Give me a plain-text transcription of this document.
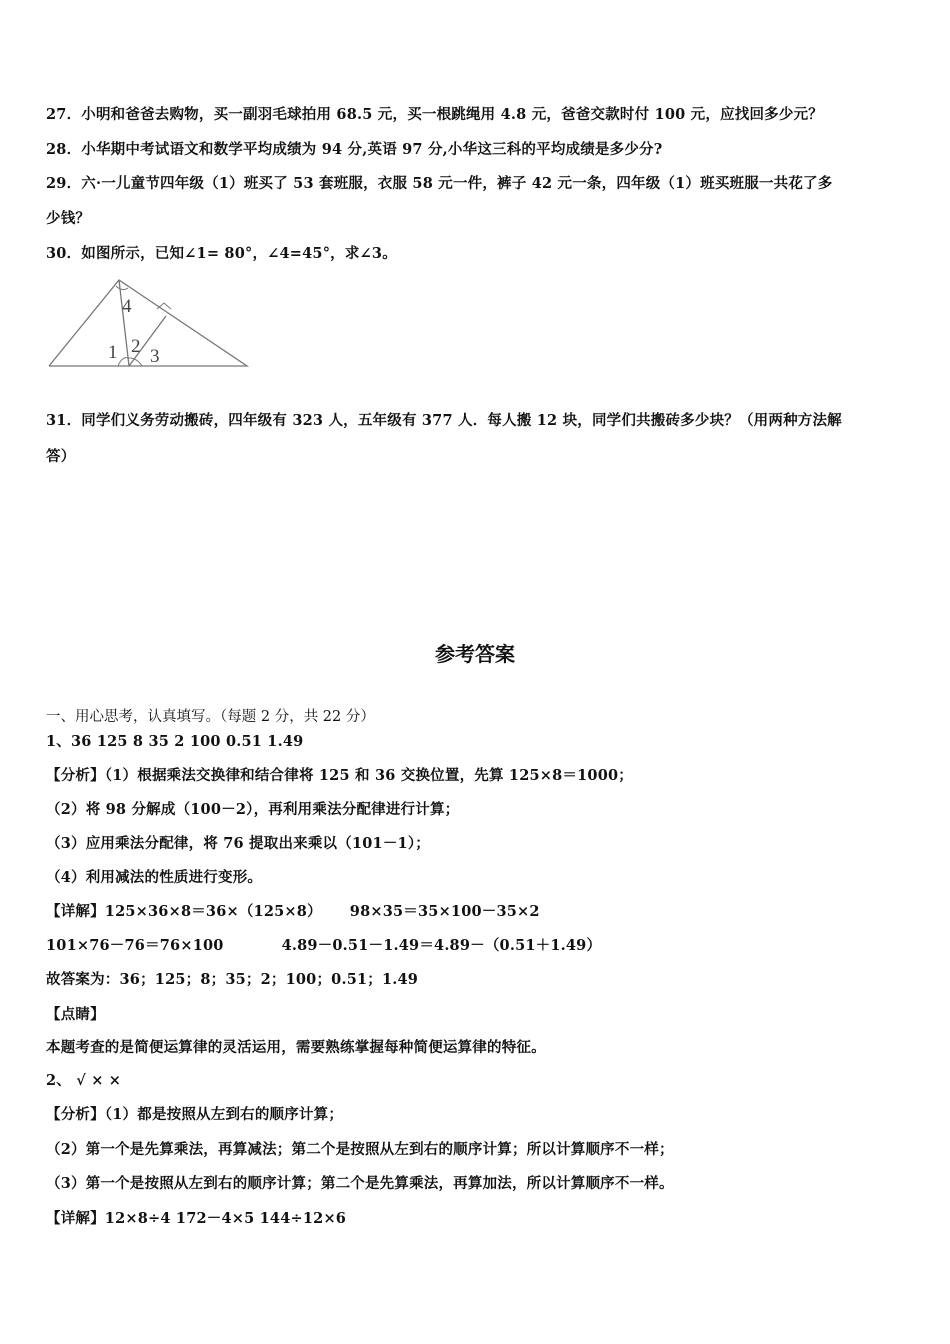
27．小明和爸爸去购物，买一副羽毛球拍用 68.5 元，买一根跳绳用 4.8 元，爸爸交款时付 100 元，应找回多少元？
28．小华期中考试语文和数学平均成绩为 94 分,英语 97 分,小华这三科的平均成绩是多少分?
29．六·一儿童节四年级（1）班买了 53 套班服，衣服 58 元一件，裤子 42 元一条，四年级（1）班买班服一共花了多
少钱？
30．如图所示，已知∠1= 80°，∠4=45°，求∠3。
4
1 2 3
31．同学们义务劳动搬砖，四年级有 323 人，五年级有 377 人．每人搬 12 块，同学们共搬砖多少块？（用两种方法解
答）
参考答案
一、用心思考，认真填写。（每题 2 分，共 22 分）
1、36 125 8 35 2 100 0.51 1.49
【分析】（1）根据乘法交换律和结合律将 125 和 36 交换位置，先算 125×8＝1000；
（2）将 98 分解成（100－2），再利用乘法分配律进行计算；
（3）应用乘法分配律，将 76 提取出来乘以（101－1）；
（4）利用减法的性质进行变形。
【详解】125×36×8＝36×（125×8） 98×35＝35×100－35×2
101×76－76＝76×100	4.89－0.51－1.49＝4.89－（0.51＋1.49）
故答案为：36；125；8；35；2；100；0.51；1.49
【点睛】
本题考查的是简便运算律的灵活运用，需要熟练掌握每种简便运算律的特征。
2、 √ × ×
【分析】（1）都是按照从左到右的顺序计算；
（2）第一个是先算乘法，再算减法；第二个是按照从左到右的顺序计算；所以计算顺序不一样；
（3）第一个是按照从左到右的顺序计算；第二个是先算乘法，再算加法，所以计算顺序不一样。
【详解】12×8÷4 172－4×5 144÷12×6
